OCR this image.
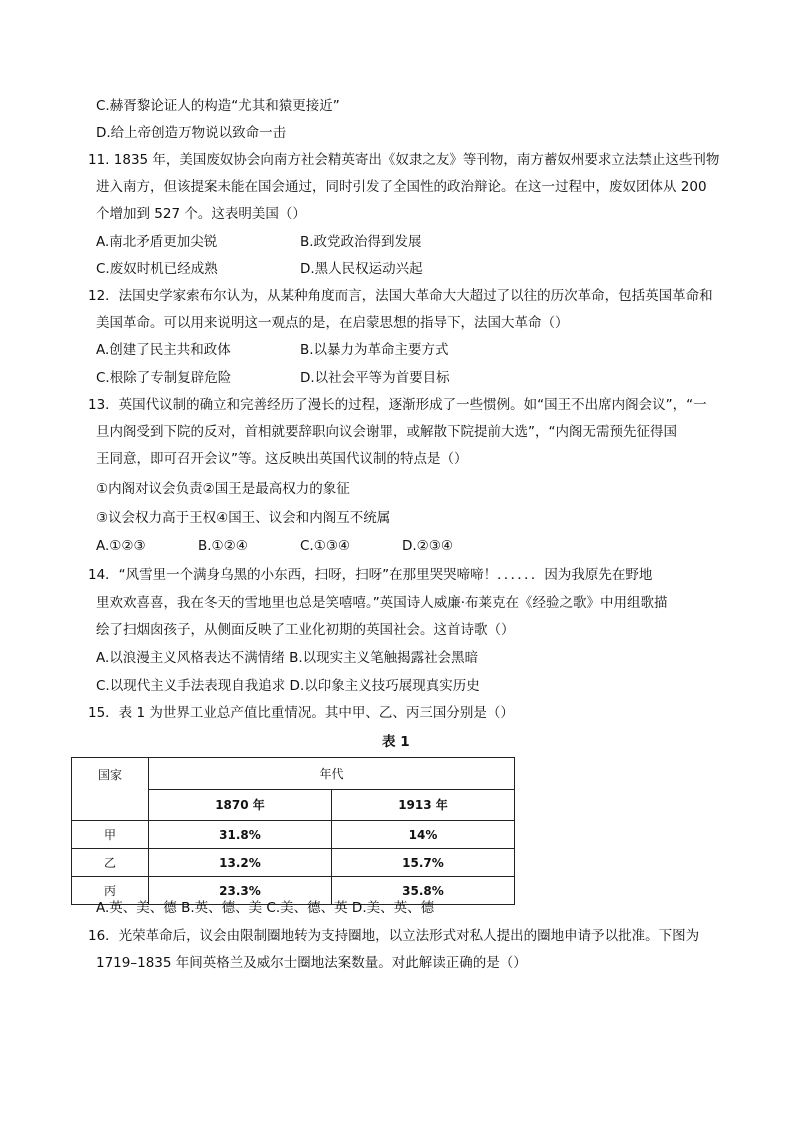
C.赫胥黎论证人的构造“尤其和猿更接近”
D.给上帝创造万物说以致命一击
11. 1835 年，美国废奴协会向南方社会精英寄出《奴隶之友》等刊物，南方蓄奴州要求立法禁止这些刊物
进入南方，但该提案未能在国会通过，同时引发了全国性的政治辩论。在这一过程中，废奴团体从 200
个增加到 527 个。这表明美国（）
A.南北矛盾更加尖锐	B.政党政治得到发展
C.废奴时机已经成熟	D.黑人民权运动兴起
12．法国史学家索布尔认为，从某种角度而言，法国大革命大大超过了以往的历次革命，包括英国革命和
美国革命。可以用来说明这一观点的是，在启蒙思想的指导下，法国大革命（）
A.创建了民主共和政体	B.以暴力为革命主要方式
C.根除了专制复辟危险	D.以社会平等为首要目标
13．英国代议制的确立和完善经历了漫长的过程，逐渐形成了一些惯例。如“国王不出席内阁会议”，“一
旦内阁受到下院的反对，首相就要辞职向议会谢罪，或解散下院提前大选”，“内阁无需预先征得国
王同意，即可召开会议”等。这反映出英国代议制的特点是（）
①内阁对议会负责②国王是最高权力的象征
③议会权力高于王权④国王、议会和内阁互不统属
A.①②③	B.①②④	C.①③④	D.②③④
14．“风雪里一个满身乌黑的小东西，扫呀，扫呀”在那里哭哭啼啼！．．．．．．因为我原先在野地
里欢欢喜喜，我在冬天的雪地里也总是笑嘻嘻。”英国诗人威廉·布莱克在《经验之歌》中用组歌描
绘了扫烟囱孩子，从侧面反映了工业化初期的英国社会。这首诗歌（）
A.以浪漫主义风格表达不满情绪 B.以现实主义笔触揭露社会黑暗
C.以现代主义手法表现自我追求 D.以印象主义技巧展现真实历史
15．表 1 为世界工业总产值比重情况。其中甲、乙、丙三国分别是（）
表 1
国家	年代	
	1870 年	1913 年
甲	31.8%	14%
乙	13.2%	15.7%
丙	23.3%	35.8%
A.英、美、德 B.英、德、美 C.美、德、英 D.美、英、德
16．光荣革命后，议会由限制圈地转为支持圈地，以立法形式对私人提出的圈地申请予以批准。下图为
1719–1835 年间英格兰及威尔士圈地法案数量。对此解读正确的是（）
